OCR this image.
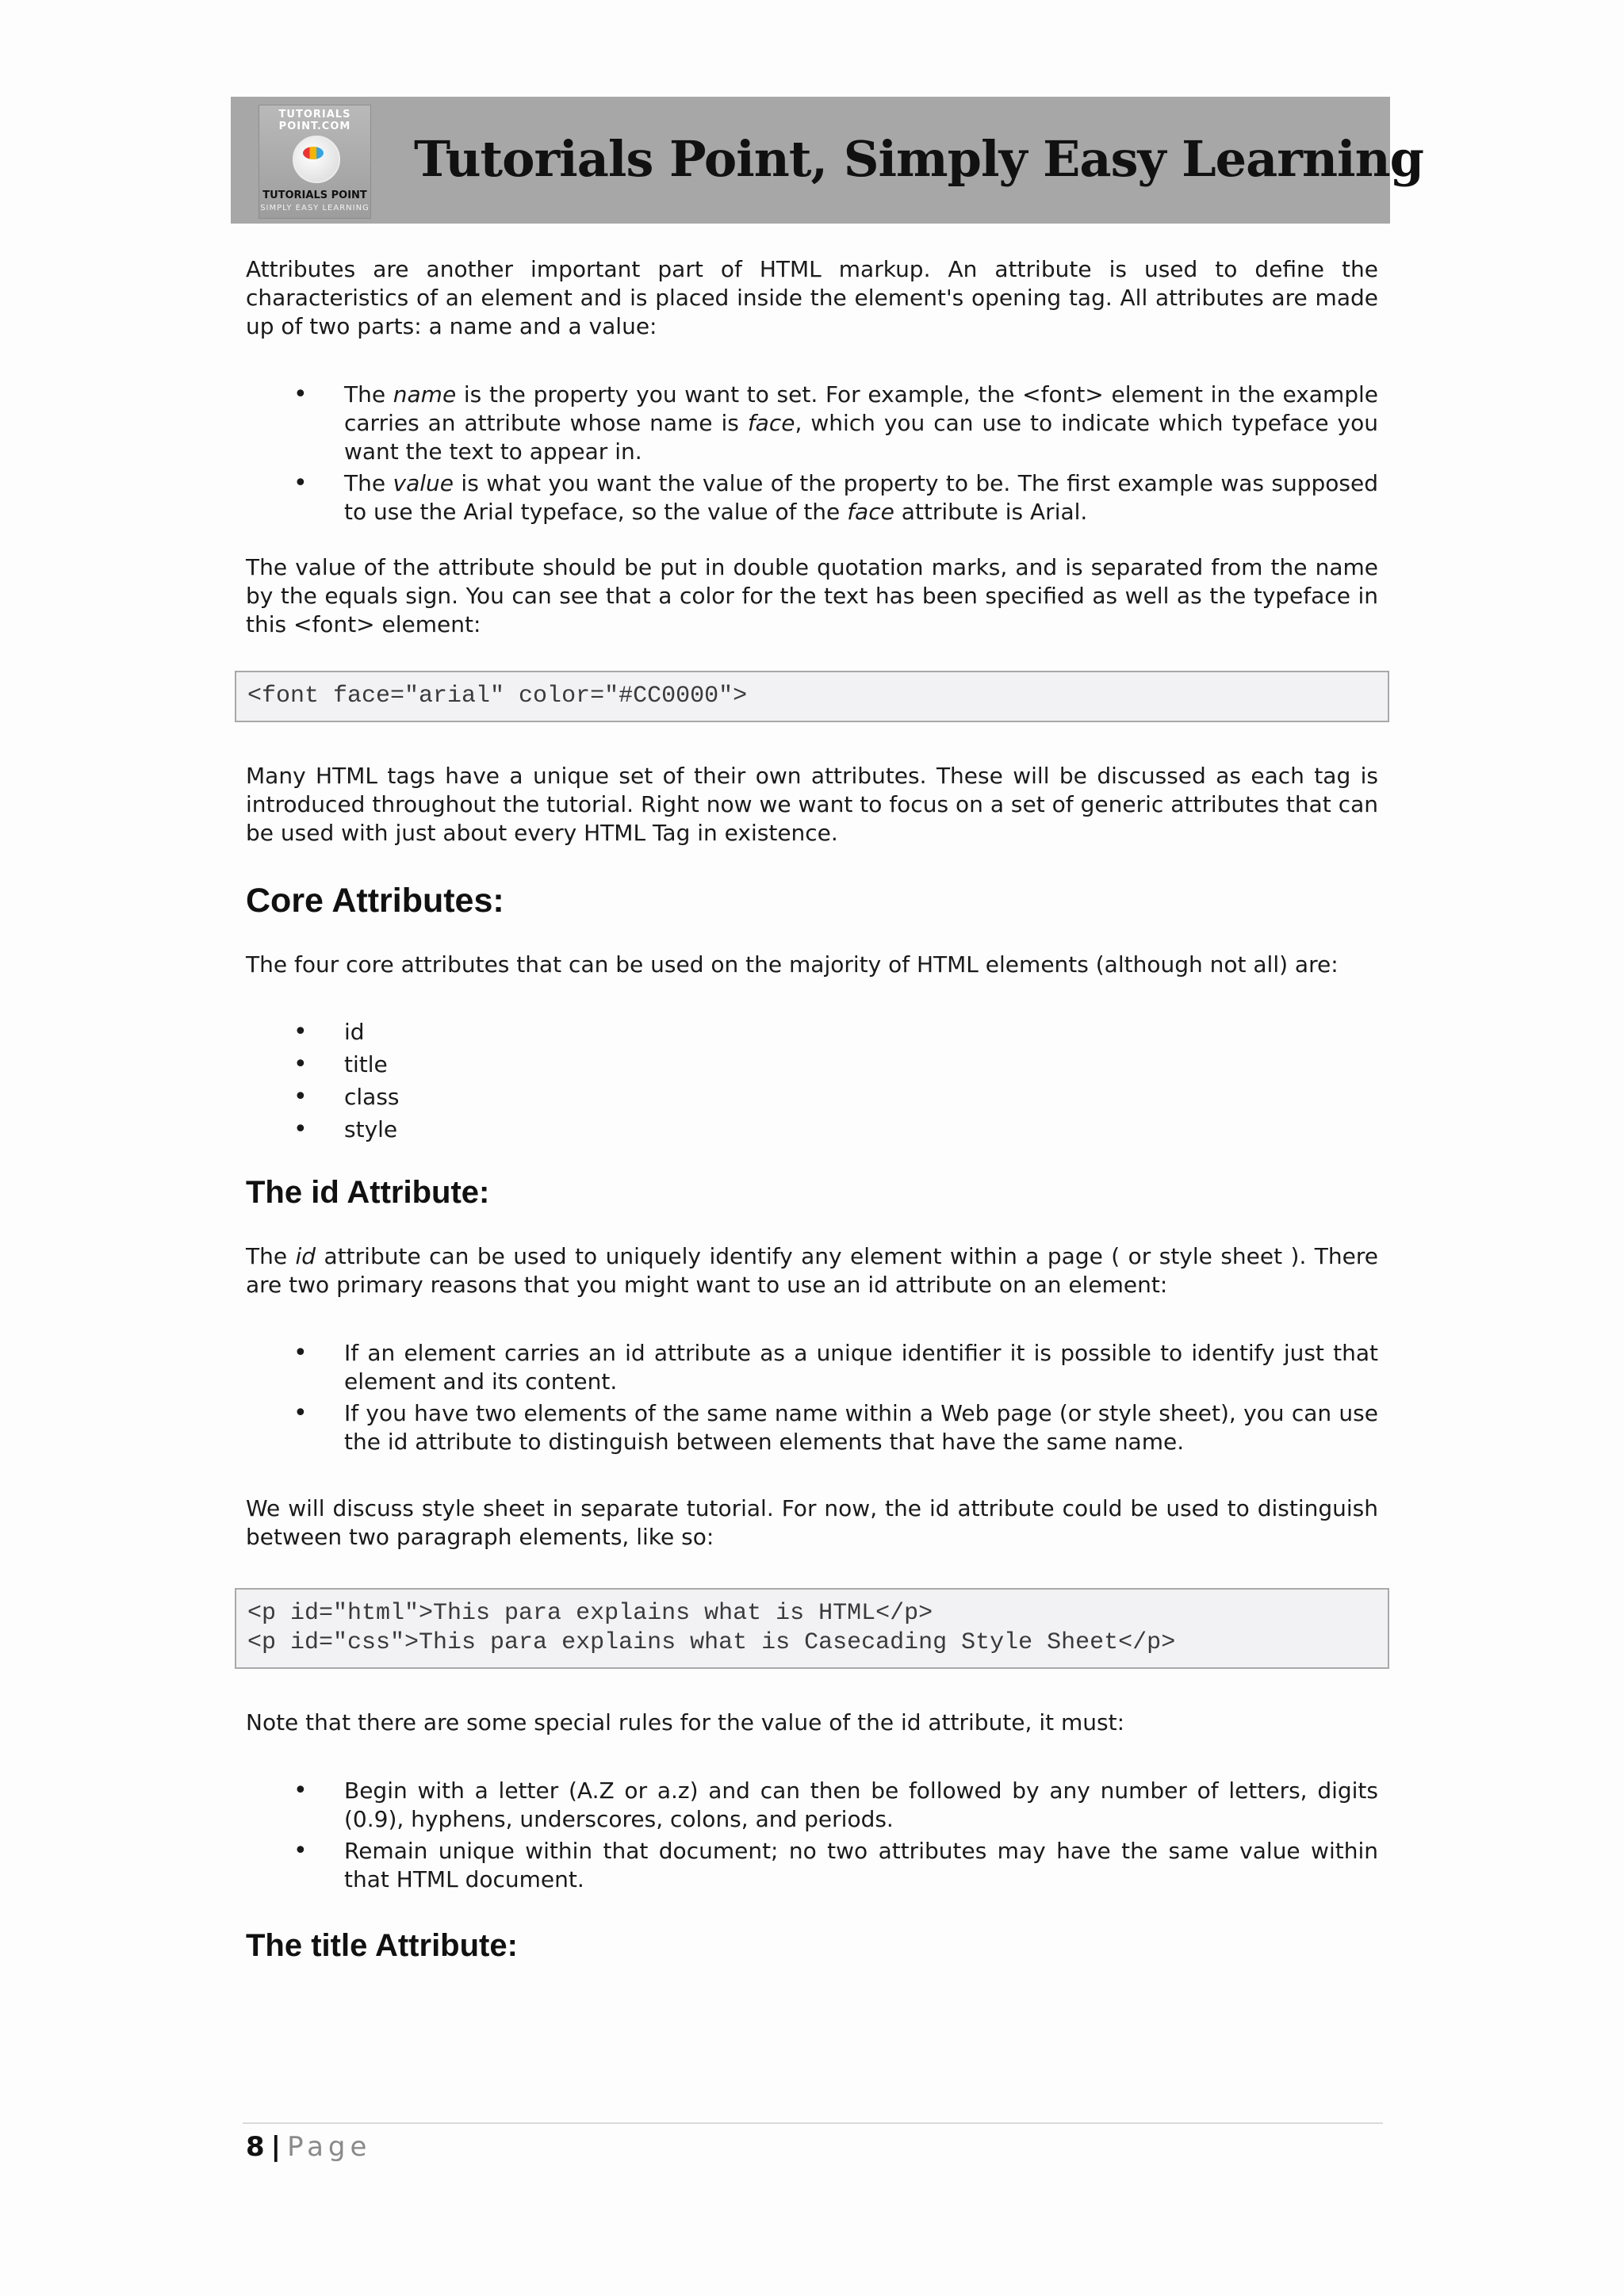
TUTORIALS POINT.COM
TUTORIALS POINT
SIMPLY EASY LEARNING
Tutorials Point, Simply Easy Learning

Attributes are another important part of HTML markup. An attribute is used to define the characteristics of an element and is placed inside the element's opening tag. All attributes are made up of two parts: a name and a value:

• The name is the property you want to set. For example, the <font> element in the example carries an attribute whose name is face, which you can use to indicate which typeface you want the text to appear in.
• The value is what you want the value of the property to be. The first example was supposed to use the Arial typeface, so the value of the face attribute is Arial.

The value of the attribute should be put in double quotation marks, and is separated from the name by the equals sign. You can see that a color for the text has been specified as well as the typeface in this <font> element:

<font face="arial" color="#CC0000">

Many HTML tags have a unique set of their own attributes. These will be discussed as each tag is introduced throughout the tutorial. Right now we want to focus on a set of generic attributes that can be used with just about every HTML Tag in existence.

Core Attributes:

The four core attributes that can be used on the majority of HTML elements (although not all) are:

• id
• title
• class
• style
The id Attribute:

The id attribute can be used to uniquely identify any element within a page ( or style sheet ). There are two primary reasons that you might want to use an id attribute on an element:

• If an element carries an id attribute as a unique identifier it is possible to identify just that element and its content.
• If you have two elements of the same name within a Web page (or style sheet), you can use the id attribute to distinguish between elements that have the same name.

We will discuss style sheet in separate tutorial. For now, the id attribute could be used to distinguish between two paragraph elements, like so:

<p id="html">This para explains what is HTML</p>
<p id="css">This para explains what is Casecading Style Sheet</p>

Note that there are some special rules for the value of the id attribute, it must:

• Begin with a letter (A.Z or a.z) and can then be followed by any number of letters, digits (0.9), hyphens, underscores, colons, and periods.
• Remain unique within that document; no two attributes may have the same value within that HTML document.
The title Attribute:
8 | Page
